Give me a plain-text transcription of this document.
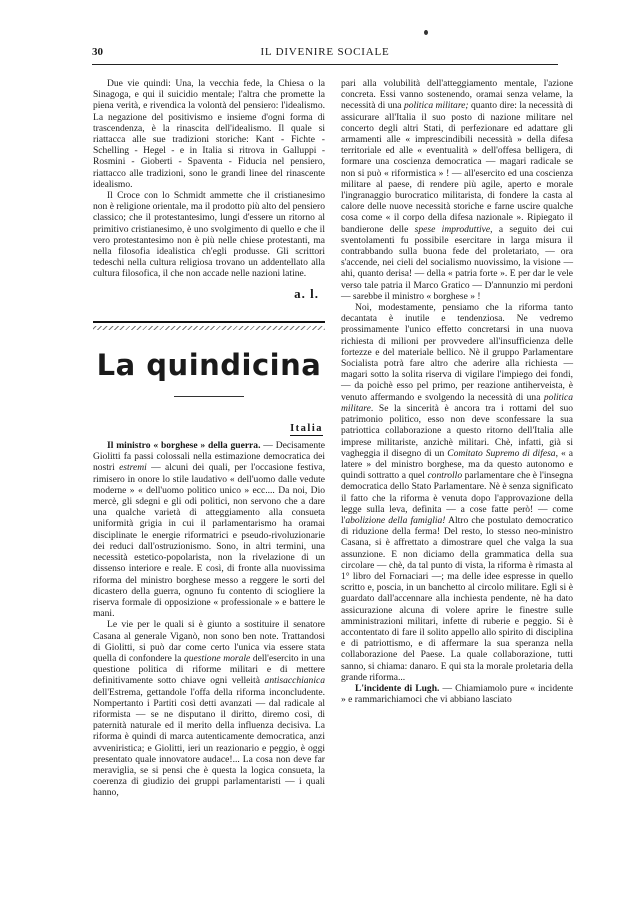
30	IL DIVENIRE SOCIALE

Due vie quindi: Una, la vecchia fede, la Chiesa o la Sinagoga, e qui il suicidio mentale; l'altra che promette la piena verità, e rivendica la volontà del pensiero: l'idealismo. La negazione del positivismo e insieme d'ogni forma di trascendenza, è la rinascita dell'idealismo. Il quale si riattacca alle sue tradizioni storiche: Kant - Fichte - Schelling - Hegel - e in Italia si ritrova in Galluppi - Rosmini - Gioberti - Spaventa - Fiducia nel pensiero, riattacco alle tradizioni, sono le grandi linee del rinascente idealismo.

Il Croce con lo Schmidt ammette che il cristianesimo non è religione orientale, ma il prodotto più alto del pensiero classico; che il protestantesimo, lungi d'essere un ritorno al primitivo cristianesimo, è uno svolgimento di quello e che il vero protestantesimo non è più nelle chiese protestanti, ma nella filosofia idealistica ch'egli produsse. Gli scrittori tedeschi nella cultura religiosa trovano un addentellato alla cultura filosofica, il che non accade nelle nazioni latine.

a. l.
La quindicina
Italia

Il ministro « borghese » della guerra. — Decisamente Giolitti fa passi colossali nella estimazione democratica dei nostri estremi — alcuni dei quali, per l'occasione festiva, rimisero in onore lo stile laudativo « dell'uomo dalle vedute moderne » « dell'uomo politico unico » ecc.... Da noi, Dio mercè, gli sdegni e gli odi politici, non servono che a dare una qualche varietà di atteggiamento alla consueta uniformità grigia in cui il parlamentarismo ha oramai disciplinate le energie riformatrici e pseudo-rivoluzionarie dei reduci dall'ostruzionismo. Sono, in altri termini, una necessità estetico-popolarista, non la rivelazione di un dissenso interiore e reale. E così, di fronte alla nuovissima riforma del ministro borghese messo a reggere le sorti del dicastero della guerra, ognuno fu contento di sciogliere la riserva formale di opposizione « professionale » e battere le mani.

Le vie per le quali si è giunto a sostituire il senatore Casana al generale Viganò, non sono ben note. Trattandosi di Giolitti, si può dar come certo l'unica via essere stata quella di confondere la questione morale dell'esercito in una questione politica di riforme militari e di mettere definitivamente sotto chiave ogni velleità antisacchianica dell'Estrema, gettandole l'offa della riforma inconcludente. Nompertanto i Partiti così detti avanzati — dal radicale al riformista — se ne disputano il diritto, diremo così, di paternità naturale ed il merito della influenza decisiva. La riforma è quindi di marca autenticamente democratica, anzi avveniristica; e Giolitti, ieri un reazionario e peggio, è oggi presentato quale innovatore audace!... La cosa non deve far meraviglia, se si pensi che è questa la logica consueta, la coerenza di giudizio dei gruppi parlamentaristi — i quali hanno,

pari alla volubilità dell'atteggiamento mentale, l'azione concreta. Essi vanno sostenendo, oramai senza velame, la necessità di una politica militare; quanto dire: la necessità di assicurare all'Italia il suo posto di nazione militare nel concerto degli altri Stati, di perfezionare ed adattare gli armamenti alle « imprescindibili necessità » della difesa territoriale ed alle « eventualità » dell'offesa belligera, di formare una coscienza democratica — magari radicale se non si può « riformistica » ! — all'esercito ed una coscienza militare al paese, di rendere più agile, aperto e morale l'ingranaggio burocratico militarista, di fondere la casta al calore delle nuove necessità storiche e farne uscire qualche cosa come « il corpo della difesa nazionale ». Ripiegato il bandierone delle spese improduttive, a seguito dei cui sventolamenti fu possibile esercitare in larga misura il contrabbando sulla buona fede del proletariato, — ora s'accende, nei cieli del socialismo nuovissimo, la visione — ahi, quanto derisa! — della « patria forte ». E per dar le vele verso tale patria il Marco Gratico — D'annunzio mi perdoni — sarebbe il ministro « borghese » !

Noi, modestamente, pensiamo che la riforma tanto decantata è inutile e tendenziosa. Ne vedremo prossimamente l'unico effetto concretarsi in una nuova richiesta di milioni per provvedere all'insufficienza delle fortezze e del materiale bellico. Nè il gruppo Parlamentare Socialista potrà fare altro che aderire alla richiesta — magari sotto la solita riserva di vigilare l'impiego dei fondi, — da poichè esso pel primo, per reazione antiherveista, è venuto affermando e svolgendo la necessità di una politica militare. Se la sincerità è ancora tra i rottami del suo patrimonio politico, esso non deve sconfessare la sua patriottica collaborazione a questo ritorno dell'Italia alle imprese militariste, anzichè militari. Chè, infatti, già si vagheggia il disegno di un Comitato Supremo di difesa, « a latere » del ministro borghese, ma da questo autonomo e quindi sottratto a quel controllo parlamentare che è l'insegna democratica dello Stato Parlamentare. Nè è senza significato il fatto che la riforma è venuta dopo l'approvazione della legge sulla leva, definita — a cose fatte però! — come l'abolizione della famiglia! Altro che postulato democratico di riduzione della ferma! Del resto, lo stesso neo-ministro Casana, si è affrettato a dimostrare quel che valga la sua assunzione. E non diciamo della grammatica della sua circolare — chè, da tal punto di vista, la riforma è rimasta al 1° libro del Fornaciari —; ma delle idee espresse in quello scritto e, poscia, in un banchetto al circolo militare. Egli si è guardato dall'accennare alla inchiesta pendente, nè ha dato assicurazione alcuna di volere aprire le finestre sulle amministrazioni militari, infette di ruberie e peggio. Si è accontentato di fare il solito appello allo spirito di disciplina e di patriottismo, e di affermare la sua speranza nella collaborazione del Paese. La quale collaborazione, tutti sanno, si chiama: danaro. E qui sta la morale proletaria della grande riforma...

L'incidente di Lugh. — Chiamiamolo pure « incidente » e rammarichiamoci che vi abbiano lasciato
